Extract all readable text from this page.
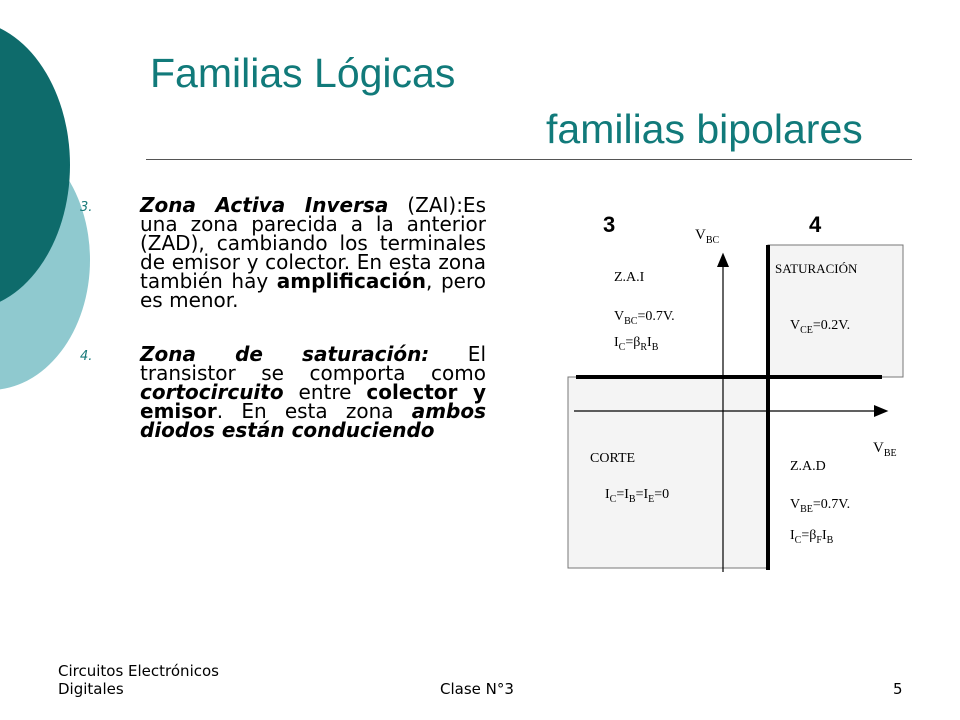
Familias Lógicas
familias bipolares
3. Zona Activa Inversa (ZAI):Es una zona parecida a la anterior (ZAD), cambiando los terminales de emisor y colector. En esta zona también hay amplificación, pero es menor.
4. Zona de saturación: El transistor se comporta como cortocircuito entre colector y emisor. En esta zona ambos diodos están conduciendo
3	4
$V_{BC}$
$V_{BE}$
Z.A.I
$V_{BC}=0.7V$.
$I_C=\beta_RI_B$
SATURACIÓN
$V_{CE}=0.2V$.
CORTE
$I_C=I_B=I_E=0$
Z.A.D
$V_{BE}=0.7V$.
$I_C=\beta_FI_B$
Circuitos Electrónicos
Digitales	Clase N°3	5
